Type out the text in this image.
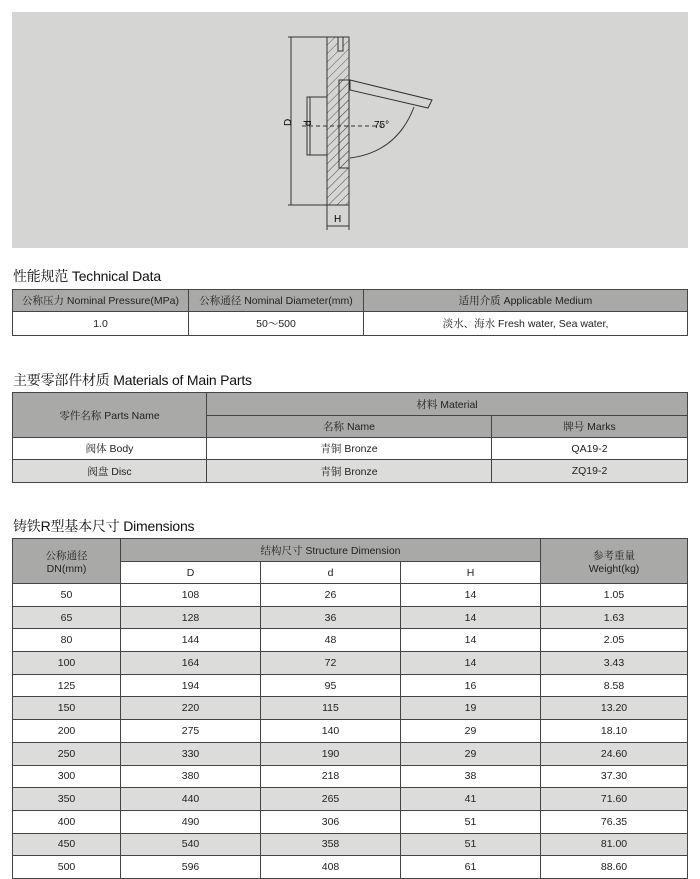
D d
H
75°
性能规范 Technical Data
公称压力 Nominal Pressure(MPa)	公称通径 Nominal Diameter(mm)	适用介质 Applicable Medium
1.0	50～500	淡水、海水 Fresh water, Sea water,
主要零部件材质 Materials of Main Parts
零件名称 Parts Name	材料 Material	
	名称 Name	牌号 Marks
阀体 Body	青铜 Bronze	QA19-2
阀盘 Disc	青铜 Bronze	ZQ19-2
铸铁R型基本尺寸 Dimensions
公称通径
DN(mm)	结构尺寸 Structure Dimension			参考重量
Weight(kg)
	D	d	H	
50	108	26	14	1.05
65	128	36	14	1.63
80	144	48	14	2.05
100	164	72	14	3.43
125	194	95	16	8.58
150	220	115	19	13.20
200	275	140	29	18.10
250	330	190	29	24.60
300	380	218	38	37.30
350	440	265	41	71.60
400	490	306	51	76.35
450	540	358	51	81.00
500	596	408	61	88.60
